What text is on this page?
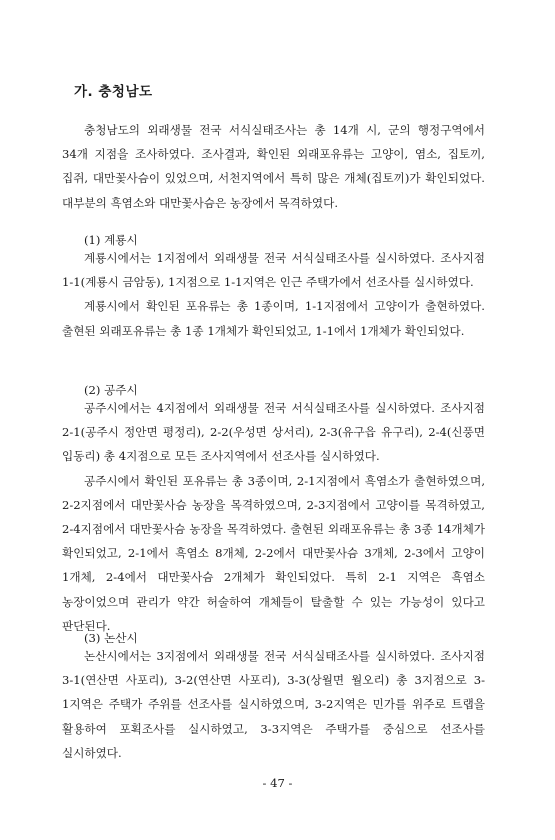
가. 충청남도

충청남도의 외래생물 전국 서식실태조사는 총 14개 시, 군의 행정구역에서 34개 지점을 조사하였다. 조사결과, 확인된 외래포유류는 고양이, 염소, 집토끼, 집쥐, 대만꽃사슴이 있었으며, 서천지역에서 특히 많은 개체(집토끼)가 확인되었다. 대부분의 흑염소와 대만꽃사슴은 농장에서 목격하였다.

(1) 계룡시

계룡시에서는 1지점에서 외래생물 전국 서식실태조사를 실시하였다. 조사지점 1-1(계룡시 금암동), 1지점으로 1-1지역은 인근 주택가에서 선조사를 실시하였다.

계룡시에서 확인된 포유류는 총 1종이며, 1-1지점에서 고양이가 출현하였다. 출현된 외래포유류는 총 1종 1개체가 확인되었고, 1-1에서 1개체가 확인되었다.

(2) 공주시

공주시에서는 4지점에서 외래생물 전국 서식실태조사를 실시하였다. 조사지점 2-1(공주시 정안면 평정리), 2-2(우성면 상서리), 2-3(유구읍 유구리), 2-4(신풍면 입동리) 총 4지점으로 모든 조사지역에서 선조사를 실시하였다.

공주시에서 확인된 포유류는 총 3종이며, 2-1지점에서 흑염소가 출현하였으며, 2-2지점에서 대만꽃사슴 농장을 목격하였으며, 2-3지점에서 고양이를 목격하였고, 2-4지점에서 대만꽃사슴 농장을 목격하였다. 출현된 외래포유류는 총 3종 14개체가 확인되었고, 2-1에서 흑염소 8개체, 2-2에서 대만꽃사슴 3개체, 2-3에서 고양이 1개체, 2-4에서 대만꽃사슴 2개체가 확인되었다. 특히 2-1 지역은 흑염소 농장이었으며 관리가 약간 허술하여 개체들이 탈출할 수 있는 가능성이 있다고 판단된다.

(3) 논산시

논산시에서는 3지점에서 외래생물 전국 서식실태조사를 실시하였다. 조사지점 3-1(연산면 사포리), 3-2(연산면 사포리), 3-3(상월면 월오리) 총 3지점으로 3-1지역은 주택가 주위를 선조사를 실시하였으며, 3-2지역은 민가를 위주로 트랩을 활용하여 포획조사를 실시하였고, 3-3지역은 주택가를 중심으로 선조사를 실시하였다.

- 47 -
